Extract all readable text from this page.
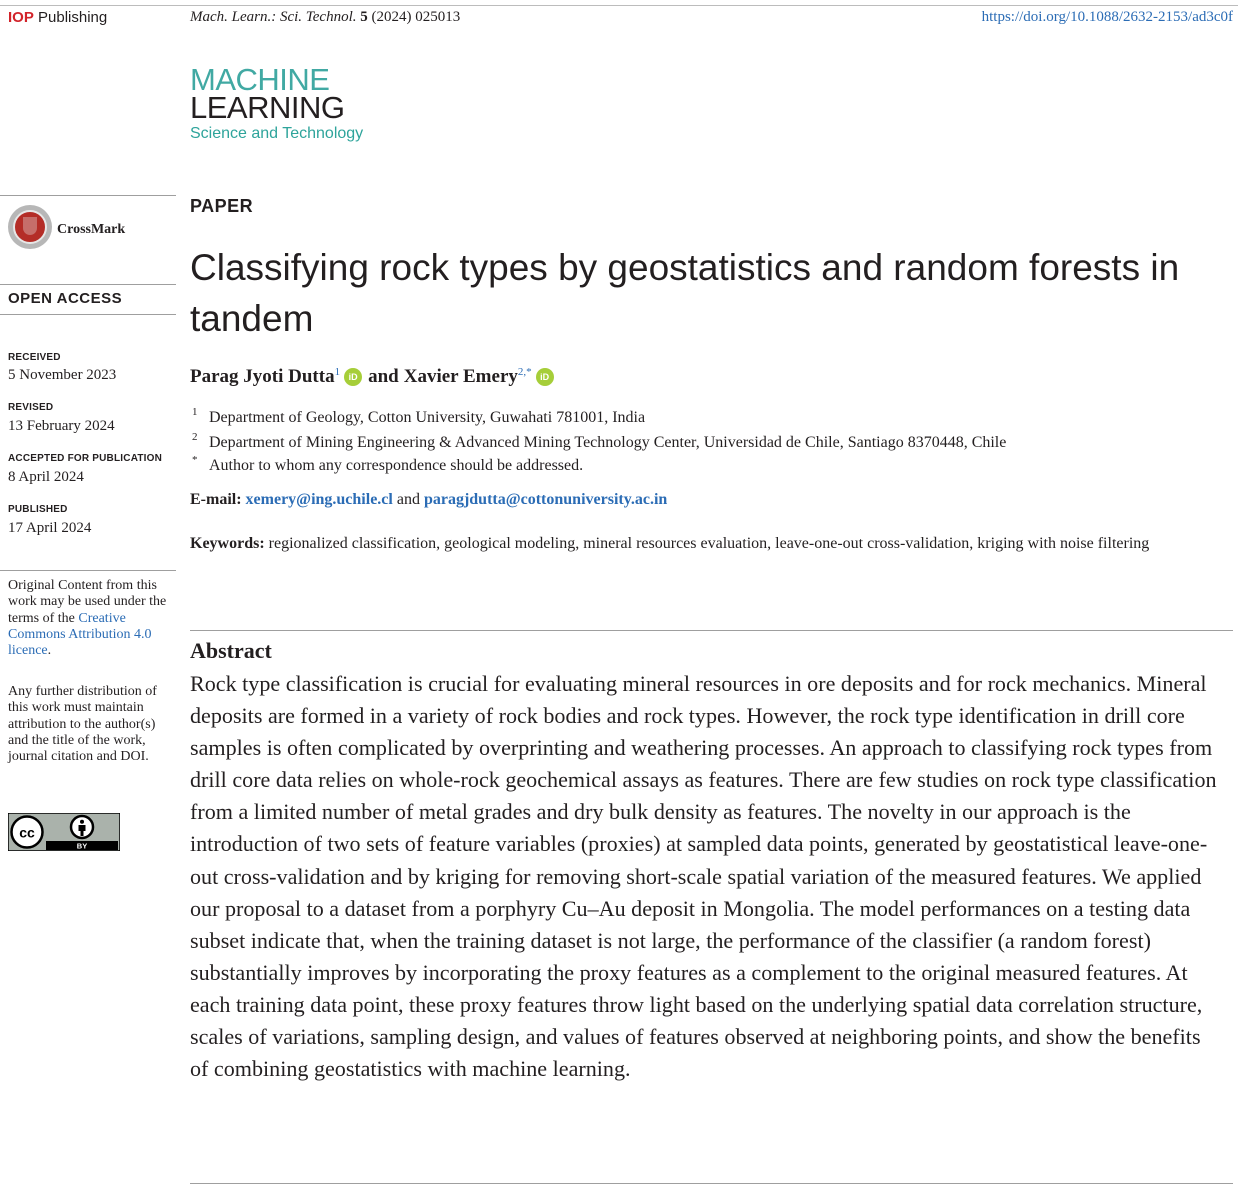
IOP Publishing	Mach. Learn.: Sci. Technol. 5 (2024) 025013	https://doi.org/10.1088/2632-2153/ad3c0f
MACHINE
LEARNING
Science and Technology
CrossMark
OPEN ACCESS
RECEIVED
5 November 2023
REVISED
13 February 2024
ACCEPTED FOR PUBLICATION
8 April 2024
PUBLISHED
17 April 2024
Original Content from this work may be used under the terms of the Creative Commons Attribution 4.0 licence.
Any further distribution of this work must maintain attribution to the author(s) and the title of the work, journal citation and DOI.
cc
BY
PAPER
Classifying rock types by geostatistics and random forests in tandem
Parag Jyoti Dutta$^1$ iD and Xavier Emery$^{2,*}$ iD
1 Department of Geology, Cotton University, Guwahati 781001, India
2 Department of Mining Engineering & Advanced Mining Technology Center, Universidad de Chile, Santiago 8370448, Chile
* Author to whom any correspondence should be addressed.
E-mail: xemery@ing.uchile.cl and paragjdutta@cottonuniversity.ac.in
Keywords: regionalized classification, geological modeling, mineral resources evaluation, leave-one-out cross-validation, kriging with noise filtering
Abstract
Rock type classification is crucial for evaluating mineral resources in ore deposits and for rock mechanics. Mineral deposits are formed in a variety of rock bodies and rock types. However, the rock type identification in drill core samples is often complicated by overprinting and weathering processes. An approach to classifying rock types from drill core data relies on whole-rock geochemical assays as features. There are few studies on rock type classification from a limited number of metal grades and dry bulk density as features. The novelty in our approach is the introduction of two sets of feature variables (proxies) at sampled data points, generated by geostatistical leave-one-out cross-validation and by kriging for removing short-scale spatial variation of the measured features. We applied our proposal to a dataset from a porphyry Cu–Au deposit in Mongolia. The model performances on a testing data subset indicate that, when the training dataset is not large, the performance of the classifier (a random forest) substantially improves by incorporating the proxy features as a complement to the original measured features. At each training data point, these proxy features throw light based on the underlying spatial data correlation structure, scales of variations, sampling design, and values of features observed at neighboring points, and show the benefits of combining geostatistics with machine learning.
